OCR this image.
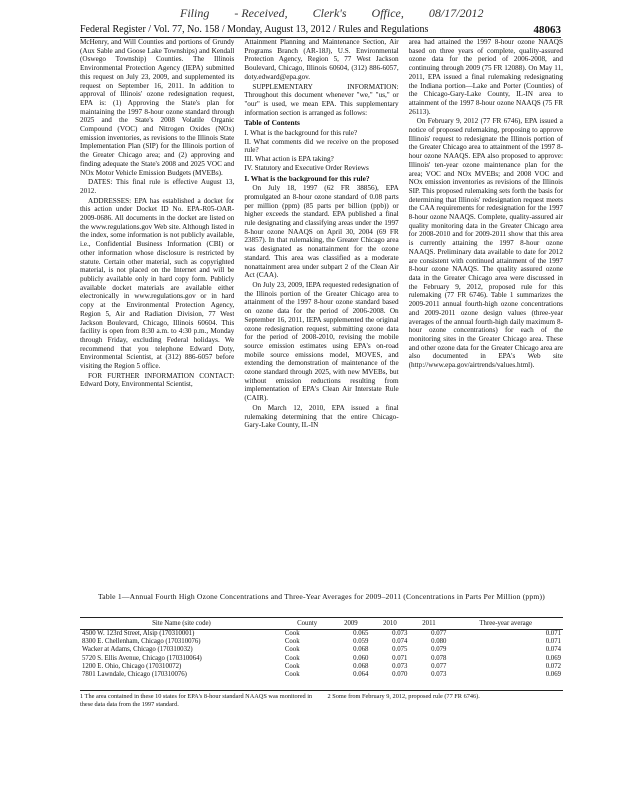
Filing - Received, Clerk's Office, 08/17/2012
Federal Register / Vol. 77, No. 158 / Monday, August 13, 2012 / Rules and Regulations	48063

McHenry, and Will Counties and portions of Grundy (Aux Sable and Goose Lake Townships) and Kendall (Oswego Township) Counties. The Illinois Environmental Protection Agency (IEPA) submitted this request on July 23, 2009, and supplemented its request on September 16, 2011. In addition to approval of Illinois' ozone redesignation request, EPA is: (1) Approving the State's plan for maintaining the 1997 8-hour ozone standard through 2025 and the State's 2008 Volatile Organic Compound (VOC) and Nitrogen Oxides (NOx) emission inventories, as revisions to the Illinois State Implementation Plan (SIP) for the Illinois portion of the Greater Chicago area; and (2) approving and finding adequate the State's 2008 and 2025 VOC and NOx Motor Vehicle Emission Budgets (MVEBs).

DATES: This final rule is effective August 13, 2012.

ADDRESSES: EPA has established a docket for this action under Docket ID No. EPA-R05-OAR-2009-0686. All documents in the docket are listed on the www.regulations.gov Web site. Although listed in the index, some information is not publicly available, i.e., Confidential Business Information (CBI) or other information whose disclosure is restricted by statute. Certain other material, such as copyrighted material, is not placed on the Internet and will be publicly available only in hard copy form. Publicly available docket materials are available either electronically in www.regulations.gov or in hard copy at the Environmental Protection Agency, Region 5, Air and Radiation Division, 77 West Jackson Boulevard, Chicago, Illinois 60604. This facility is open from 8:30 a.m. to 4:30 p.m., Monday through Friday, excluding Federal holidays. We recommend that you telephone Edward Doty, Environmental Scientist, at (312) 886-6057 before visiting the Region 5 office.

FOR FURTHER INFORMATION CONTACT: Edward Doty, Environmental Scientist,

Attainment Planning and Maintenance Section, Air Programs Branch (AR-18J), U.S. Environmental Protection Agency, Region 5, 77 West Jackson Boulevard, Chicago, Illinois 60604, (312) 886-6057, doty.edward@epa.gov.

SUPPLEMENTARY INFORMATION: Throughout this document whenever "we," "us," or "our" is used, we mean EPA. This supplementary information section is arranged as follows:

Table of Contents
I. What is the background for this rule?
II. What comments did we receive on the proposed rule?
III. What action is EPA taking?
IV. Statutory and Executive Order Reviews
I. What is the background for this rule?

On July 18, 1997 (62 FR 38856), EPA promulgated an 8-hour ozone standard of 0.08 parts per million (ppm) (85 parts per billion (ppb)) or higher exceeds the standard. EPA published a final rule designating and classifying areas under the 1997 8-hour ozone NAAQS on April 30, 2004 (69 FR 23857). In that rulemaking, the Greater Chicago area was designated as nonattainment for the ozone standard. This area was classified as a moderate nonattainment area under subpart 2 of the Clean Air Act (CAA).

On July 23, 2009, IEPA requested redesignation of the Illinois portion of the Greater Chicago area to attainment of the 1997 8-hour ozone standard based on ozone data for the period of 2006-2008. On September 16, 2011, IEPA supplemented the original ozone redesignation request, submitting ozone data for the period of 2008-2010, revising the mobile source emission estimates using EPA's on-road mobile source emissions model, MOVES, and extending the demonstration of maintenance of the ozone standard through 2025, with new MVEBs, but without emission reductions resulting from implementation of EPA's Clean Air Interstate Rule (CAIR).

On March 12, 2010, EPA issued a final rulemaking determining that the entire Chicago-Gary-Lake County, IL-IN

area had attained the 1997 8-hour ozone NAAQS based on three years of complete, quality-assured ozone data for the period of 2006-2008, and continuing through 2009 (75 FR 12088). On May 11, 2011, EPA issued a final rulemaking redesignating the Indiana portion—Lake and Porter (Counties) of the Chicago-Gary-Lake County, IL-IN area to attainment of the 1997 8-hour ozone NAAQS (75 FR 26113).

On February 9, 2012 (77 FR 6746), EPA issued a notice of proposed rulemaking, proposing to approve Illinois' request to redesignate the Illinois portion of the Greater Chicago area to attainment of the 1997 8-hour ozone NAAQS. EPA also proposed to approve: Illinois' ten-year ozone maintenance plan for the area; VOC and NOx MVEBs; and 2008 VOC and NOx emission inventories as revisions of the Illinois SIP. This proposed rulemaking sets forth the basis for determining that Illinois' redesignation request meets the CAA requirements for redesignation for the 1997 8-hour ozone NAAQS. Complete, quality-assured air quality monitoring data in the Greater Chicago area for 2008-2010 and for 2009-2011 show that this area is currently attaining the 1997 8-hour ozone NAAQS. Preliminary data available to date for 2012 are consistent with continued attainment of the 1997 8-hour ozone NAAQS. The quality assured ozone data in the Greater Chicago area were discussed in the February 9, 2012, proposed rule for this rulemaking (77 FR 6746). Table 1 summarizes the 2009-2011 annual fourth-high ozone concentrations and 2009-2011 ozone design values (three-year averages of the annual fourth-high daily maximum 8-hour ozone concentrations) for each of the monitoring sites in the Greater Chicago area. These and other ozone data for the Greater Chicago area are also documented in EPA's Web site (http://www.epa.gov/airtrends/values.html).

Table 1—Annual Fourth High Ozone Concentrations and Three-Year Averages for 2009–2011 (Concentrations in Parts Per Million (ppm))
Site Name (site code)	County	2009	2010	2011	Three-year average
4500 W. 123rd Street, Alsip (170310001)	Cook	0.065	0.073	0.077	0.071
8300 E. Chellenham, Chicago (170310076)	Cook	0.059	0.074	0.080	0.071
Wacker at Adams, Chicago (170310032)	Cook	0.068	0.075	0.079	0.074
5720 S. Ellis Avenue, Chicago (170310064)	Cook	0.060	0.071	0.078	0.069
1200 E. Ohio, Chicago (170310072)	Cook	0.068	0.073	0.077	0.072
7801 Lawndale, Chicago (170310076)	Cook	0.064	0.070	0.073	0.069
1 The area contained in these 10 states for EPA's 8-hour standard NAAQS was monitored in these data data from the 1997 standard.
2 Some from February 9, 2012, proposed rule (77 FR 6746).
